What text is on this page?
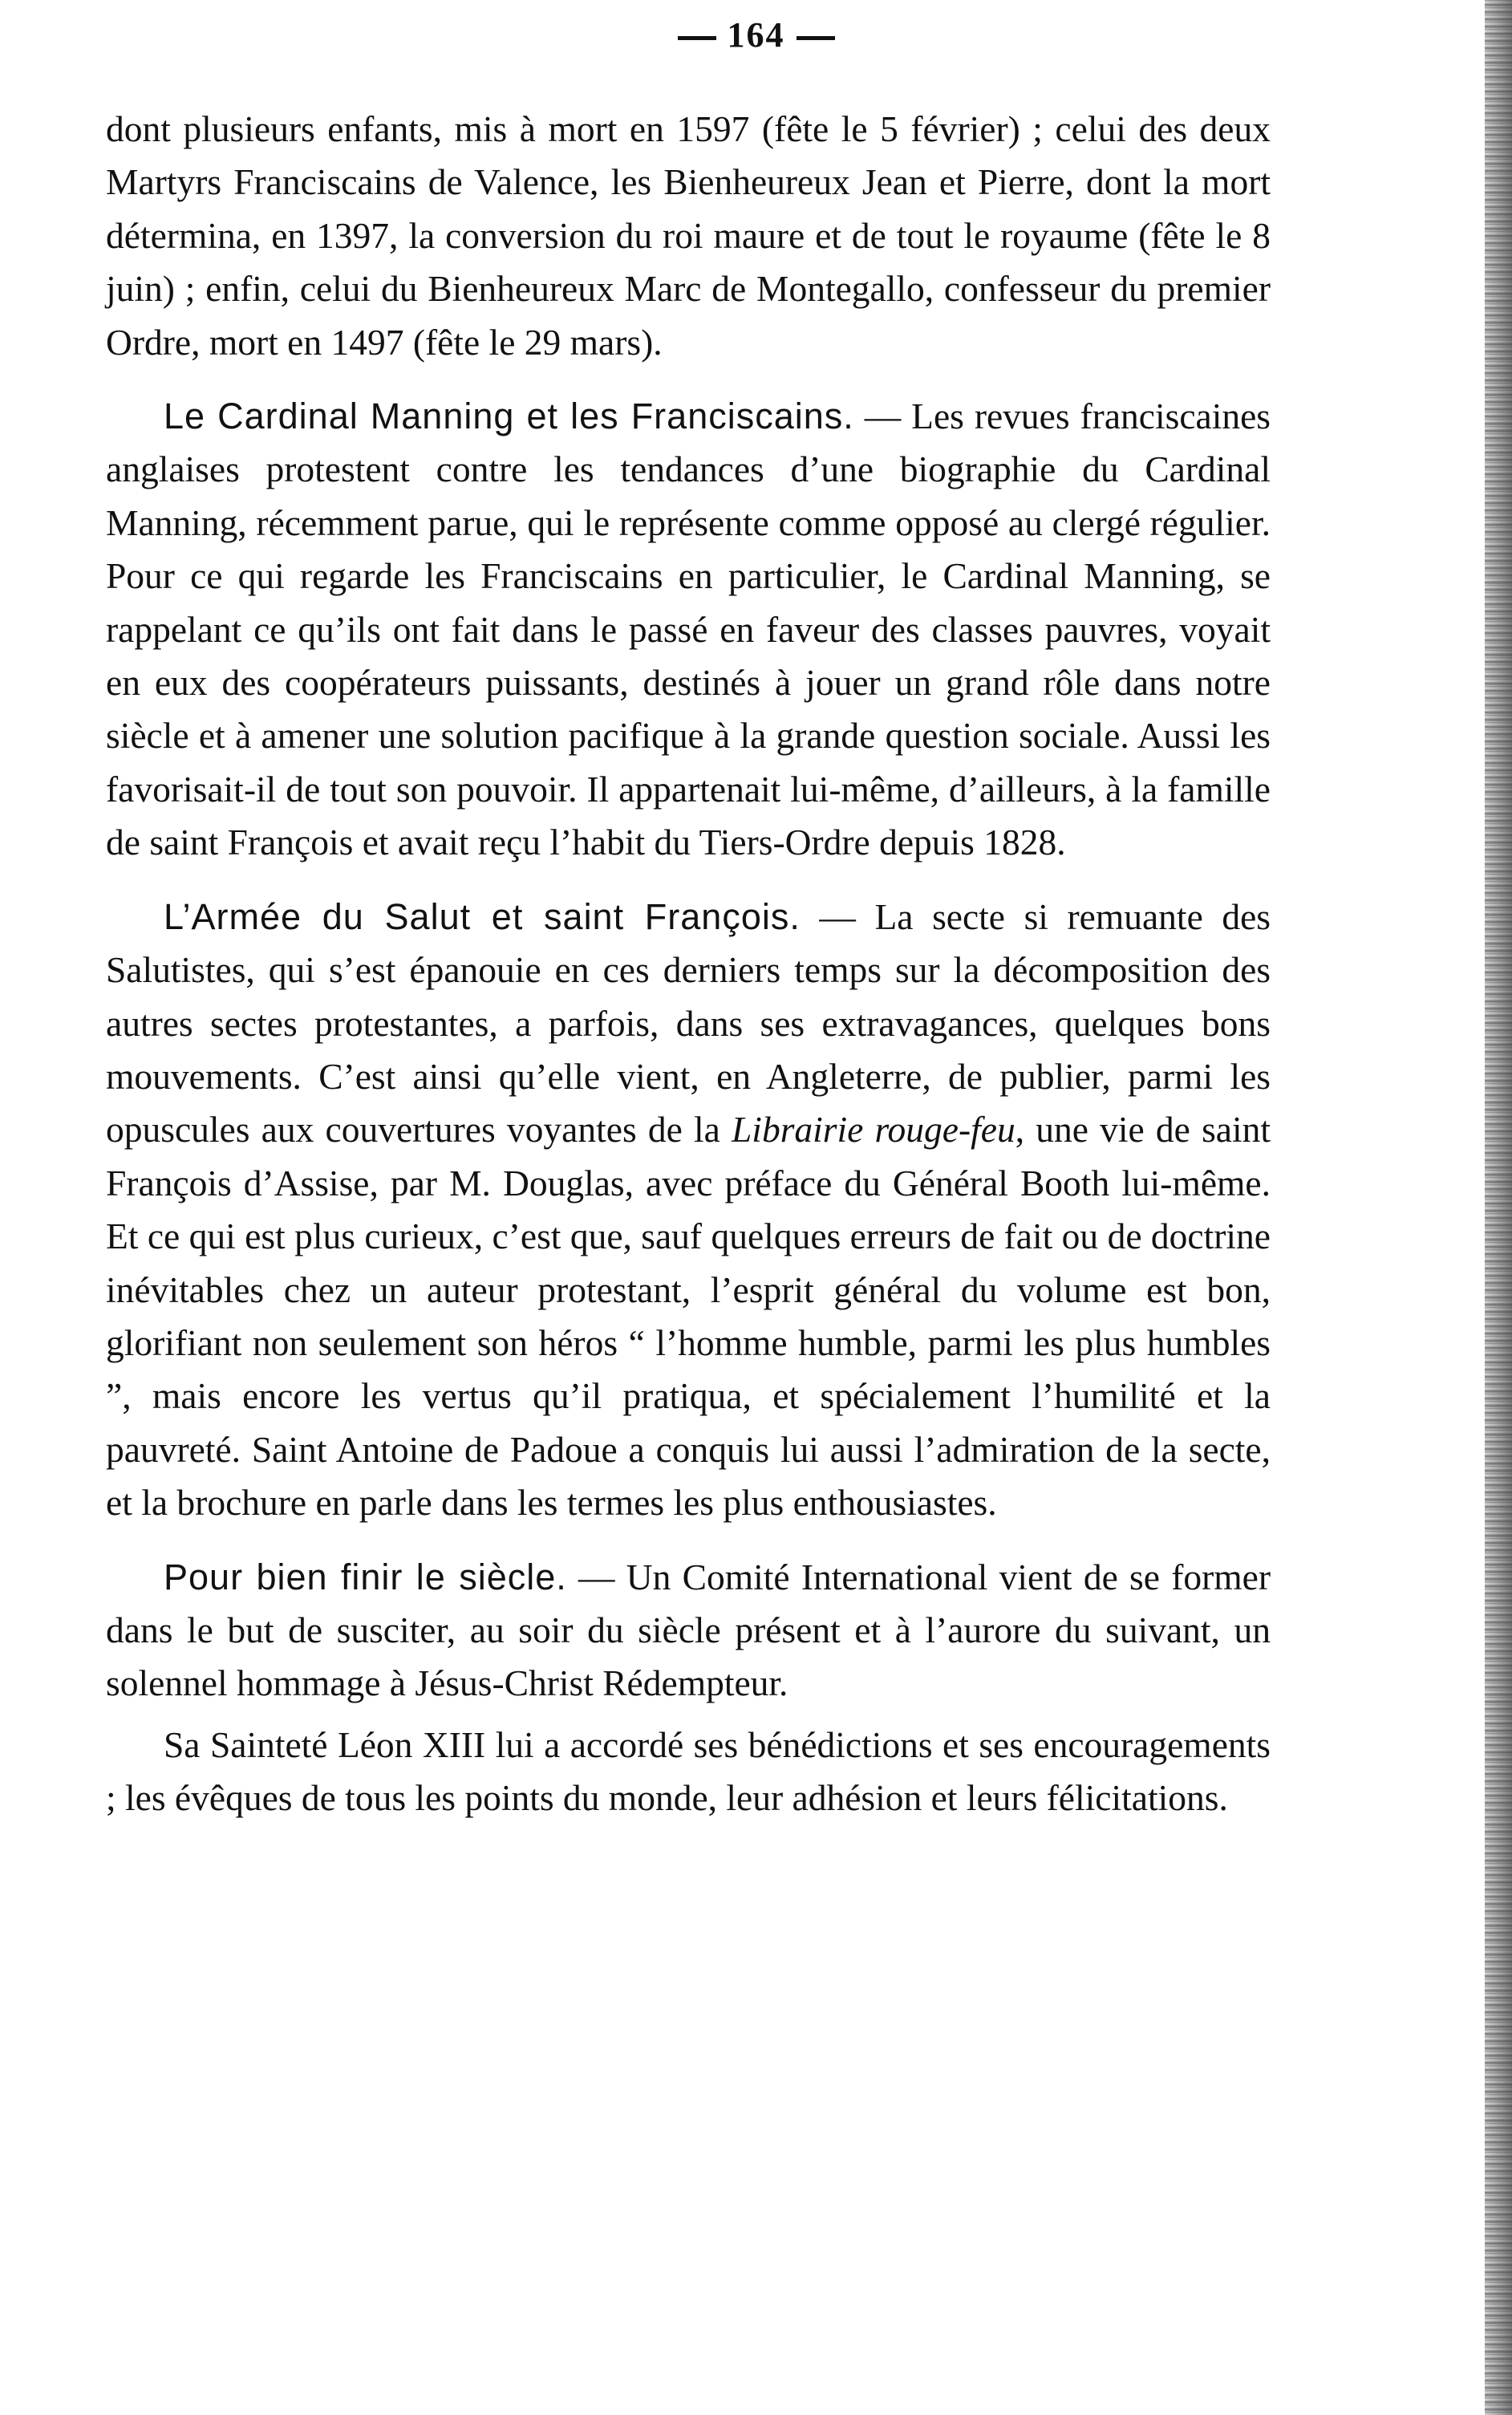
164

dont plusieurs enfants, mis à mort en 1597 (fête le 5 février) ; celui des deux Martyrs Franciscains de Valence, les Bienheureux Jean et Pierre, dont la mort détermina, en 1397, la conversion du roi maure et de tout le royaume (fête le 8 juin) ; enfin, celui du Bienheureux Marc de Montegallo, confesseur du premier Ordre, mort en 1497 (fête le 29 mars).

Le Cardinal Manning et les Franciscains. — Les revues franciscaines anglaises protestent contre les tendances d’une biographie du Cardinal Manning, récemment parue, qui le représente comme opposé au clergé régulier. Pour ce qui regarde les Franciscains en particulier, le Cardinal Manning, se rappelant ce qu’ils ont fait dans le passé en faveur des classes pauvres, voyait en eux des coopérateurs puissants, destinés à jouer un grand rôle dans notre siècle et à amener une solution pacifique à la grande question sociale. Aussi les favorisait-il de tout son pouvoir. Il appartenait lui-même, d’ailleurs, à la famille de saint François et avait reçu l’habit du Tiers-Ordre depuis 1828.

L’Armée du Salut et saint François. — La secte si remuante des Salutistes, qui s’est épanouie en ces derniers temps sur la décomposition des autres sectes protestantes, a parfois, dans ses extravagances, quelques bons mouvements. C’est ainsi qu’elle vient, en Angleterre, de publier, parmi les opuscules aux couvertures voyantes de la Librairie rouge-feu, une vie de saint François d’Assise, par M. Douglas, avec préface du Général Booth lui-même. Et ce qui est plus curieux, c’est que, sauf quelques erreurs de fait ou de doctrine inévitables chez un auteur protestant, l’esprit général du volume est bon, glorifiant non seulement son héros “ l’homme humble, parmi les plus humbles ”, mais encore les vertus qu’il pratiqua, et spécialement l’humilité et la pauvreté. Saint Antoine de Padoue a conquis lui aussi l’admiration de la secte, et la brochure en parle dans les termes les plus enthousiastes.

Pour bien finir le siècle. — Un Comité International vient de se former dans le but de susciter, au soir du siècle présent et à l’aurore du suivant, un solennel hommage à Jésus-Christ Rédempteur.

Sa Sainteté Léon XIII lui a accordé ses bénédictions et ses encouragements ; les évêques de tous les points du monde, leur adhésion et leurs félicitations.
